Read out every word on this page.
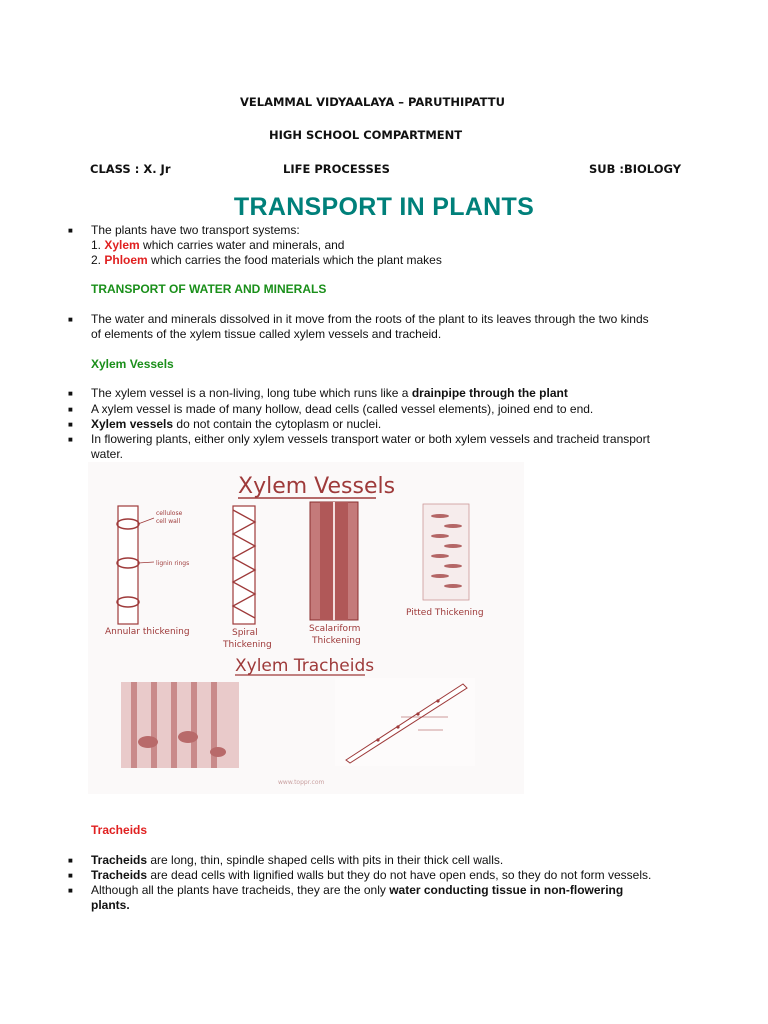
VELAMMAL VIDYAALAYA – PARUTHIPATTU
HIGH SCHOOL COMPARTMENT
CLASS : X. Jr	LIFE PROCESSES	SUB :BIOLOGY
TRANSPORT IN PLANTS
■ The plants have two transport systems:
1. Xylem which carries water and minerals, and
2. Phloem which carries the food materials which the plant makes
TRANSPORT OF WATER AND MINERALS
■ The water and minerals dissolved in it move from the roots of the plant to its leaves through the two kinds
of elements of the xylem tissue called xylem vessels and tracheid.
Xylem Vessels
■ The xylem vessel is a non-living, long tube which runs like a drainpipe through the plant
■ A xylem vessel is made of many hollow, dead cells (called vessel elements), joined end to end.
■ Xylem vessels do not contain the cytoplasm or nuclei.
■ In flowering plants, either only xylem vessels transport water or both xylem vessels and tracheid transport
water.
Xylem Vessels
cellulose
cell wall
lignin rings
Annular thickening	Spiral
Thickening
Scalariform
Thickening
Pitted Thickening
Xylem Tracheids
www.toppr.com
Tracheids
■ Tracheids are long, thin, spindle shaped cells with pits in their thick cell walls.
■ Tracheids are dead cells with lignified walls but they do not have open ends, so they do not form vessels.
■ Although all the plants have tracheids, they are the only water conducting tissue in non-flowering
plants.
